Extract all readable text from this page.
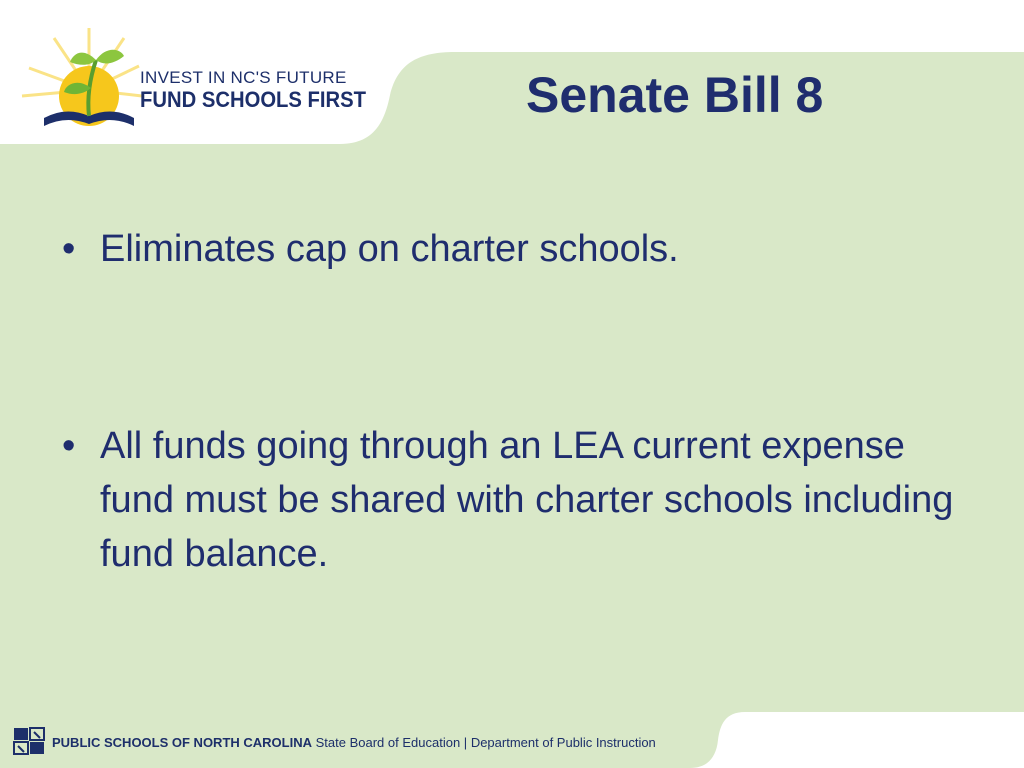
INVEST IN NC'S FUTURE
FUND SCHOOLS FIRST	Senate Bill 8
• Eliminates cap on charter schools.
• All funds going through an LEA current expense fund must be shared with charter schools including fund balance.
PUBLIC SCHOOLS OF NORTH CAROLINA State Board of Education | Department of Public Instruction
